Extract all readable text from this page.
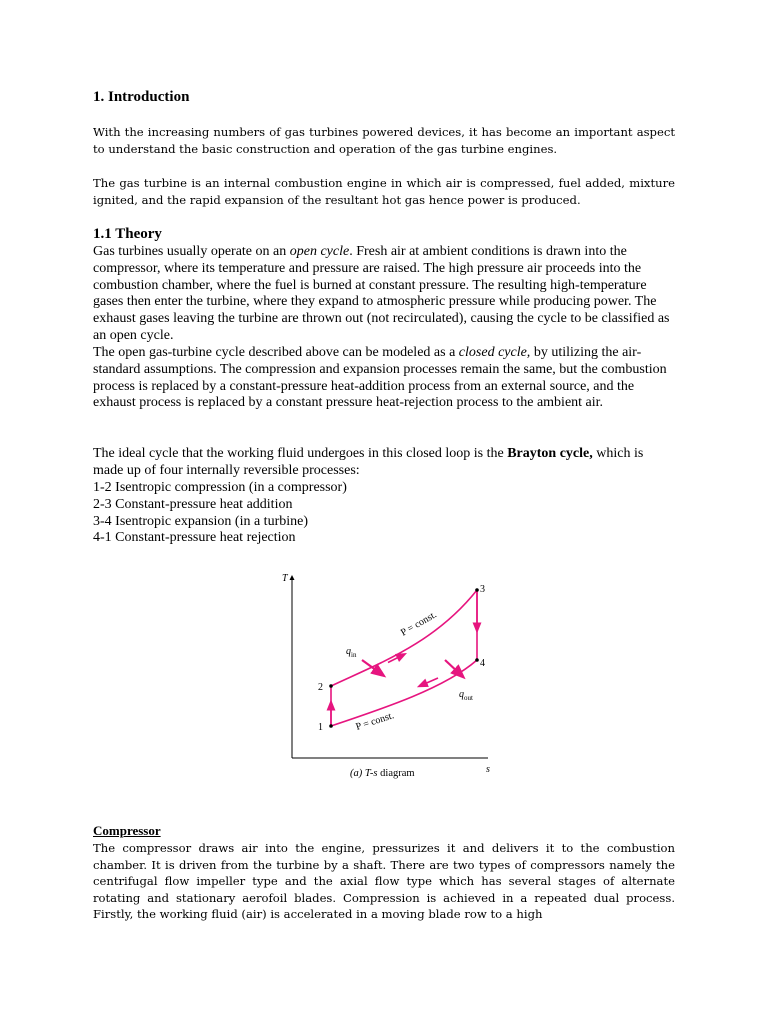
1. Introduction

With the increasing numbers of gas turbines powered devices, it has become an important aspect to understand the basic construction and operation of the gas turbine engines.

The gas turbine is an internal combustion engine in which air is compressed, fuel added, mixture ignited, and the rapid expansion of the resultant hot gas hence power is produced.

1.1 Theory

Gas turbines usually operate on an open cycle. Fresh air at ambient conditions is drawn into the compressor, where its temperature and pressure are raised. The high pressure air proceeds into the combustion chamber, where the fuel is burned at constant pressure. The resulting high-temperature gases then enter the turbine, where they expand to atmospheric pressure while producing power. The exhaust gases leaving the turbine are thrown out (not recirculated), causing the cycle to be classified as an open cycle.

The open gas-turbine cycle described above can be modeled as a closed cycle, by utilizing the air-standard assumptions. The compression and expansion processes remain the same, but the combustion process is replaced by a constant-pressure heat-addition process from an external source, and the exhaust process is replaced by a constant pressure heat-rejection process to the ambient air.

The ideal cycle that the working fluid undergoes in this closed loop is the Brayton cycle, which is made up of four internally reversible processes:

1-2 Isentropic compression (in a compressor)
2-3 Constant-pressure heat addition
3-4 Isentropic expansion (in a turbine)
4-1 Constant-pressure heat rejection
T
s
1
2
3
4
P = const.
P = const.
$q_{in}$
$q_{out}$
(a) T-s diagram

Compressor

The compressor draws air into the engine, pressurizes it and delivers it to the combustion chamber. It is driven from the turbine by a shaft. There are two types of compressors namely the centrifugal flow impeller type and the axial flow type which has several stages of alternate rotating and stationary aerofoil blades. Compression is achieved in a repeated dual process. Firstly, the working fluid (air) is accelerated in a moving blade row to a high
